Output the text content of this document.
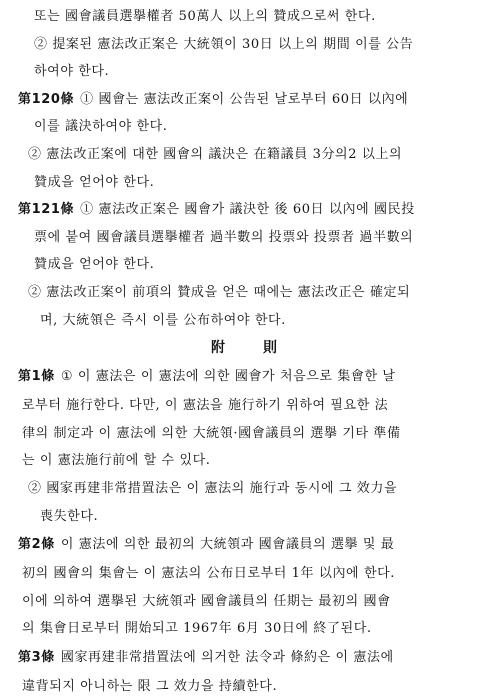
또는 國會議員選擧權者 50萬人 以上의 贊成으로써 한다.
② 提案된 憲法改正案은 大統領이 30日 以上의 期間 이를 公告
하여야 한다.
第120條 ① 國會는 憲法改正案이 公告된 날로부터 60日 以內에
이를 議決하여야 한다.
② 憲法改正案에 대한 國會의 議決은 在籍議員 3分의2 以上의
贊成을 얻어야 한다.
第121條 ① 憲法改正案은 國會가 議決한 後 60日 以內에 國民投
票에 붙여 國會議員選擧權者 過半數의 投票와 投票者 過半數의
贊成을 얻어야 한다.
② 憲法改正案이 前項의 贊成을 얻은 때에는 憲法改正은 確定되
며, 大統領은 즉시 이를 公布하여야 한다.
附　則
第1條 ① 이 憲法은 이 憲法에 의한 國會가 처음으로 集會한 날
로부터 施行한다. 다만, 이 憲法을 施行하기 위하여 필요한 法
律의 制定과 이 憲法에 의한 大統領·國會議員의 選擧 기타 準備
는 이 憲法施行前에 할 수 있다.
② 國家再建非常措置法은 이 憲法의 施行과 동시에 그 效力을
喪失한다.
第2條 이 憲法에 의한 最初의 大統領과 國會議員의 選擧 및 最
初의 國會의 集會는 이 憲法의 公布日로부터 1年 以內에 한다.
이에 의하여 選擧된 大統領과 國會議員의 任期는 最初의 國會
의 集會日로부터 開始되고 1967年 6月 30日에 終了된다.
第3條 國家再建非常措置法에 의거한 法令과 條約은 이 憲法에
違背되지 아니하는 限 그 效力을 持續한다.
